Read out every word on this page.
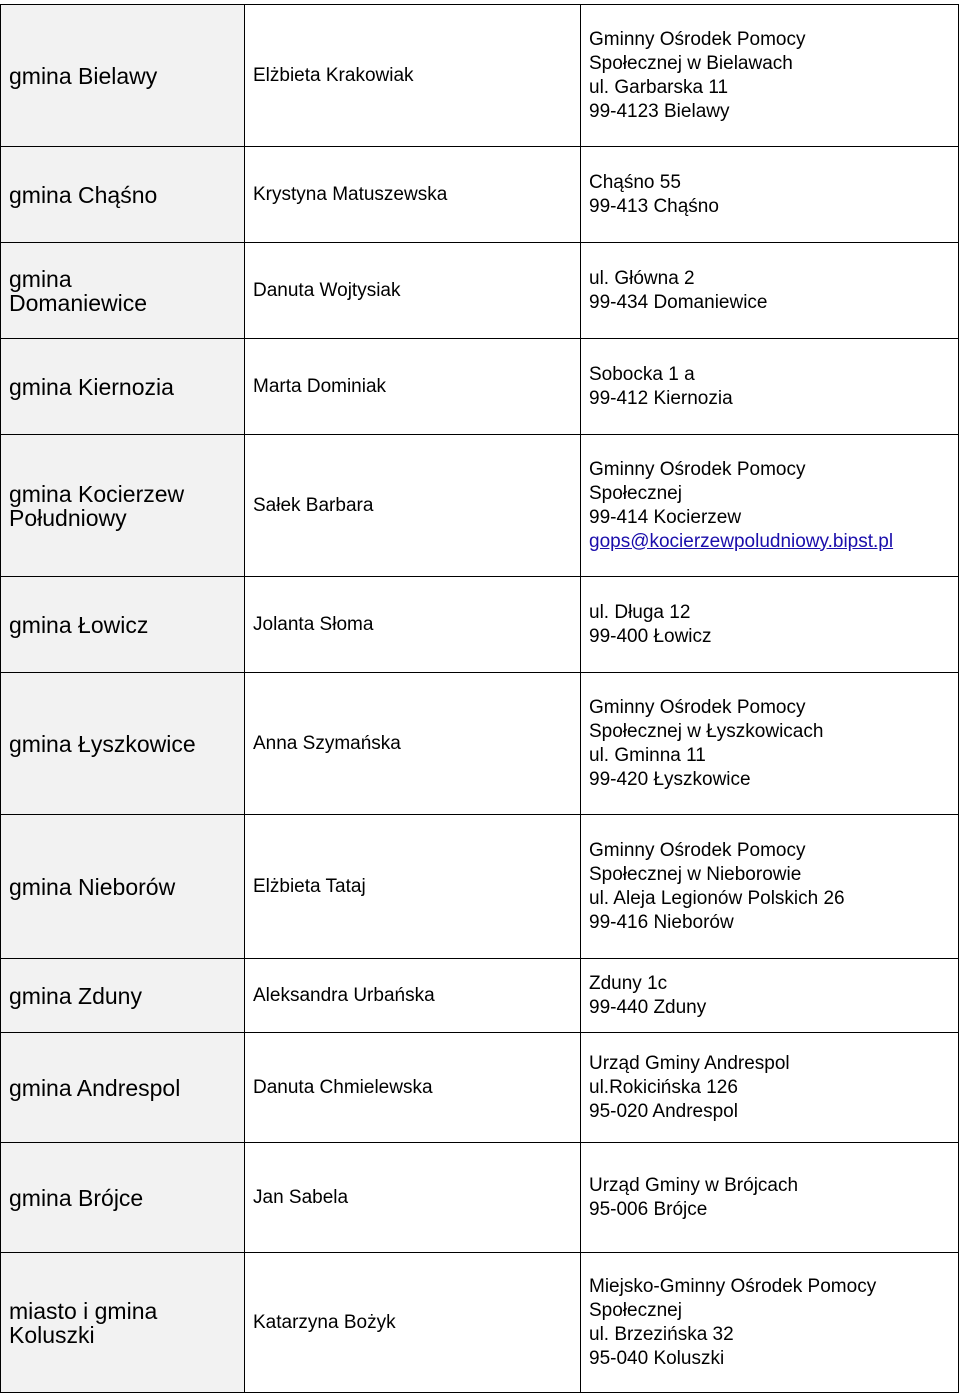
gmina Bielawy	Elżbieta Krakowiak	Gminny Ośrodek Pomocy
Społecznej w Bielawach
ul. Garbarska 11
99-4123 Bielawy

gmina Chąśno	Krystyna Matuszewska	Chąśno 55
99-413 Chąśno

gmina Domaniewice	Danuta Wojtysiak	ul. Główna 2
99-434 Domaniewice

gmina Kiernozia	Marta Dominiak	Sobocka 1 a
99-412 Kiernozia

gmina Kocierzew Południowy	Sałek Barbara	Gminny Ośrodek Pomocy
Społecznej
99-414 Kocierzew
gops@kocierzewpoludniowy.bipst.pl

gmina Łowicz	Jolanta Słoma	ul. Długa 12
99-400 Łowicz

gmina Łyszkowice	Anna Szymańska	Gminny Ośrodek Pomocy
Społecznej w Łyszkowicach
ul. Gminna 11
99-420 Łyszkowice

gmina Nieborów	Elżbieta Tataj	Gminny Ośrodek Pomocy
Społecznej w Nieborowie
ul. Aleja Legionów Polskich 26
99-416 Nieborów

gmina Zduny	Aleksandra Urbańska	Zduny 1c
99-440 Zduny

gmina Andrespol	Danuta Chmielewska	Urząd Gminy Andrespol
ul.Rokicińska 126
95-020 Andrespol

gmina Brójce	Jan Sabela	Urząd Gminy w Brójcach
95-006 Brójce

miasto i gmina Koluszki	Katarzyna Bożyk	Miejsko-Gminny Ośrodek Pomocy
Społecznej
ul. Brzezińska 32
95-040 Koluszki
